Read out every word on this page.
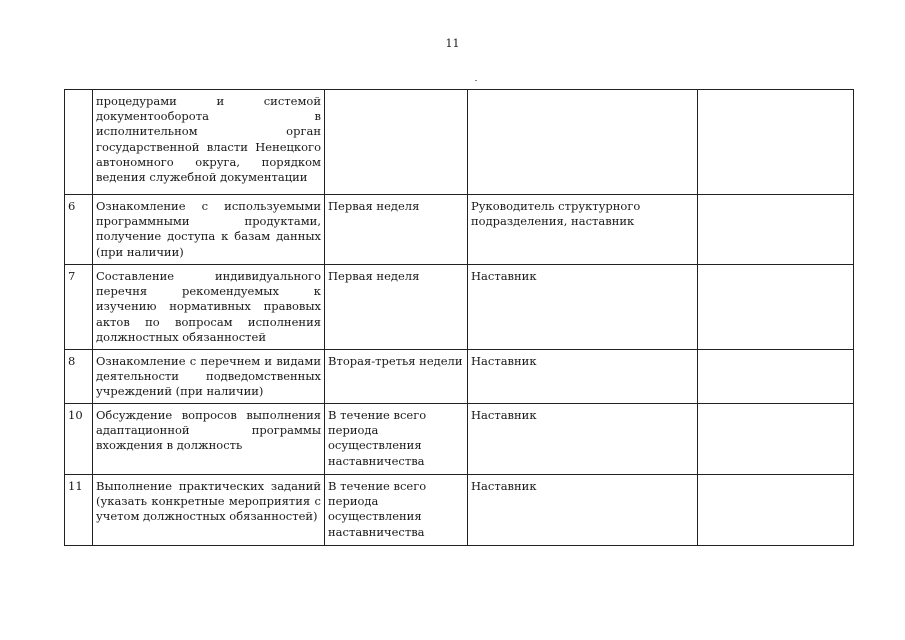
11
	процедурами и системой документооборота в исполнительном орган государственной власти Ненецкого автономного округа, порядком ведения служебной документации			
6	Ознакомление с используемыми программными продуктами, получение доступа к базам данных (при наличии)	Первая неделя	Руководитель структурного подразделения, наставник	
7	Составление индивидуального перечня рекомендуемых к изучению нормативных правовых актов по вопросам исполнения должностных обязанностей	Первая неделя	Наставник	
8	Ознакомление с перечнем и видами деятельности подведомственных учреждений (при наличии)	Вторая-третья недели	Наставник	
10	Обсуждение вопросов выполнения адаптационной программы вхождения в должность	В течение всего периода осуществления наставничества	Наставник	
11	Выполнение практических заданий (указать конкретные мероприятия с учетом должностных обязанностей)	В течение всего периода осуществления наставничества	Наставник	
